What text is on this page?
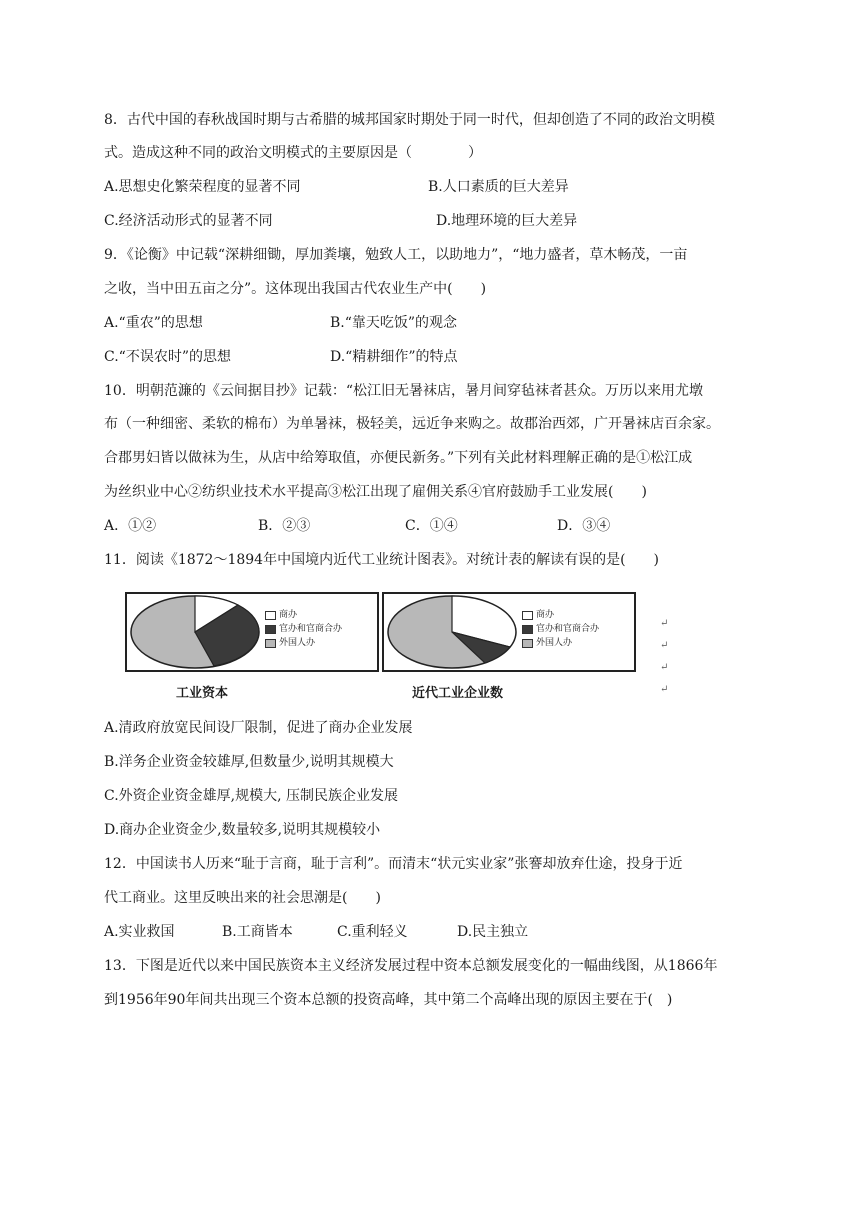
8．古代中国的春秋战国时期与古希腊的城邦国家时期处于同一时代，但却创造了不同的政治文明模
式。造成这种不同的政治文明模式的主要原因是（　　　　）
A.思想史化繁荣程度的显著不同	B.人口素质的巨大差异
C.经济活动形式的显著不同	D.地理环境的巨大差异
9．《论衡》中记载“深耕细锄，厚加粪壤，勉致人工，以助地力”，“地力盛者，草木畅茂，一亩
之收，当中田五亩之分”。这体现出我国古代农业生产中(　　)
A.“重农”的思想	B.“靠天吃饭”的观念
C.“不误农时”的思想	D.“精耕细作”的特点
10．明朝范濂的《云间据目抄》记载：“松江旧无暑袜店，暑月间穿毡袜者甚众。万历以来用尤墩
布（一种细密、柔软的棉布）为单暑袜，极轻美，远近争来购之。故郡治西郊，广开暑袜店百余家。
合郡男妇皆以做袜为生，从店中给筹取值，亦便民新务。”下列有关此材料理解正确的是①松江成
为丝织业中心②纺织业技术水平提高③松江出现了雇佣关系④官府鼓励手工业发展(　　)
A．①②	B．②③	C．①④	D．③④
11．阅读《1872～1894年中国境内近代工业统计图表》。对统计表的解读有误的是(　　)
商办
官办和官商合办
外国人办
工业资本
商办
官办和官商合办
外国人办
近代工业企业数
↵
↵
↵
↵
A.清政府放宽民间设厂限制，促进了商办企业发展
B.洋务企业资金较雄厚,但数量少,说明其规模大
C.外资企业资金雄厚,规模大, 压制民族企业发展
D.商办企业资金少,数量较多,说明其规模较小
12．中国读书人历来“耻于言商，耻于言利”。而清末“状元实业家”张謇却放弃仕途，投身于近
代工商业。这里反映出来的社会思潮是(　　)
A.实业救国	B.工商皆本	C.重利轻义	D.民主独立
13．下图是近代以来中国民族资本主义经济发展过程中资本总额发展变化的一幅曲线图，从1866年
到1956年90年间共出现三个资本总额的投资高峰，其中第二个高峰出现的原因主要在于(　)
